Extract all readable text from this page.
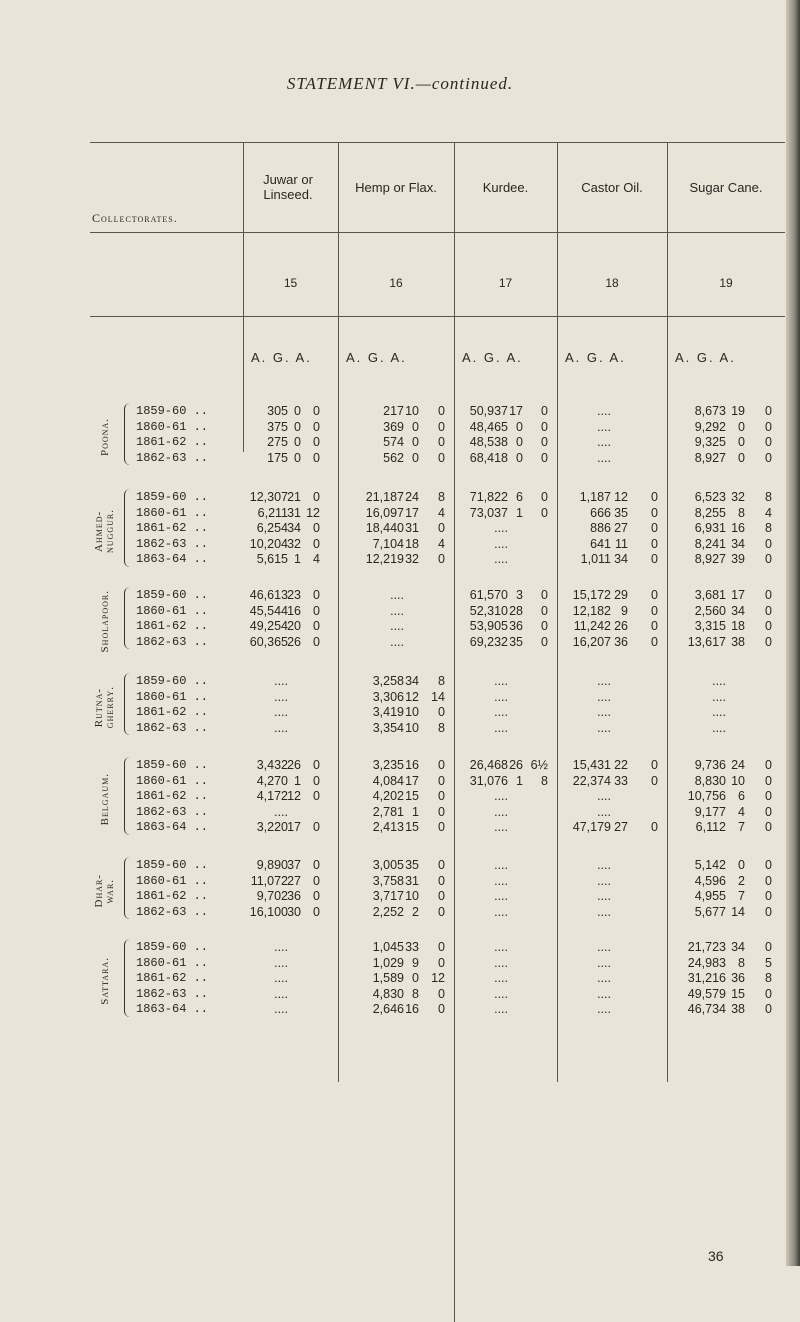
STATEMENT VI.—continued.
Collectorates.
Juwar or Linseed.
15
A. G. A.
Hemp or Flax.
16
A. G. A.
Kurdee.
17
A. G. A.
Castor Oil.
18
A. G. A.
Sugar Cane.
19
A. G. A.
Poona.
1859-60 ..	305 0 0	217 10 0 50,937 17 0	....	8,673 19 0
1860-61 ..	375 0 0	369 0 0 48,465 0 0	....	9,292 0 0
1861-62 ..	275 0 0	574 0 0 48,538 0 0	....	9,325 0 0
1862-63 ..	175 0 0	562 0 0 68,418 0 0	....	8,927 0 0
Ahmed-
nuggur.
1859-60 ..	12,307 21 0	21,187 24 8 71,822 6 0	1,187 12 0	6,523 32 8
1860-61 ..	6,211 31 12	16,097 17 4 73,037 1 0	666 35 0	8,255 8 4
1861-62 ..	6,254 34 0	18,440 31 0	....	886 27 0	6,931 16 8
1862-63 ..	10,204 32 0	7,104 18 4	....	641 11 0	8,241 34 0
1863-64 ..	5,615 1 4	12,219 32 0	....	1,011 34 0	8,927 39 0
Sholapoor. 1859-60 ..	46,613 23 0	....	61,570 3 0 15,172 29 0	3,681 17 0
1860-61 ..	45,544 16 0	....	52,310 28 0 12,182 9 0	2,560 34 0
1861-62 ..	49,254 20 0	....	53,905 36 0 11,242 26 0	3,315 18 0
1862-63 ..	60,365 26 0	....	69,232 35 0 16,207 36 0 13,617 38 0
Rutna-
gherry.
1859-60 ..	....	3,258 34 8	....	....	....
1860-61 ..	....	3,306 12 14	....	....	....
1861-62 ..	....	3,419 10 0	....	....	....
1862-63 ..	....	3,354 10 8	....	....	....
Belgaum.
1859-60 ..	3,432 26 0	3,235 16 0 26,468 26 6½ 15,431 22 0	9,736 24 0
1860-61 ..	4,270 1 0	4,084 17 0 31,076 1 8 22,374 33 0	8,830 10 0
1861-62 ..	4,172 12 0	4,202 15 0	....	....	10,756 6 0
1862-63 ..	....	2,781 1 0	....	....	9,177 4 0
1863-64 ..	3,220 17 0	2,413 15 0	....	47,179 27 0	6,112 7 0
Dhar-
war.
1859-60 ..	9,890 37 0	3,005 35 0	....	....	5,142 0 0
1860-61 ..	11,072 27 0	3,758 31 0	....	....	4,596 2 0
1861-62 ..	9,702 36 0	3,717 10 0	....	....	4,955 7 0
1862-63 ..	16,100 30 0	2,252 2 0	....	....	5,677 14 0
Sattara.
1859-60 ..	....	1,045 33 0	....	....	21,723 34 0
1860-61 ..	....	1,029 9 0	....	....	24,983 8 5
1861-62 ..	....	1,589 0 12	....	....	31,216 36 8
1862-63 ..	....	4,830 8 0	....	....	49,579 15 0
1863-64 ..	....	2,646 16 0	....	....	46,734 38 0
36
